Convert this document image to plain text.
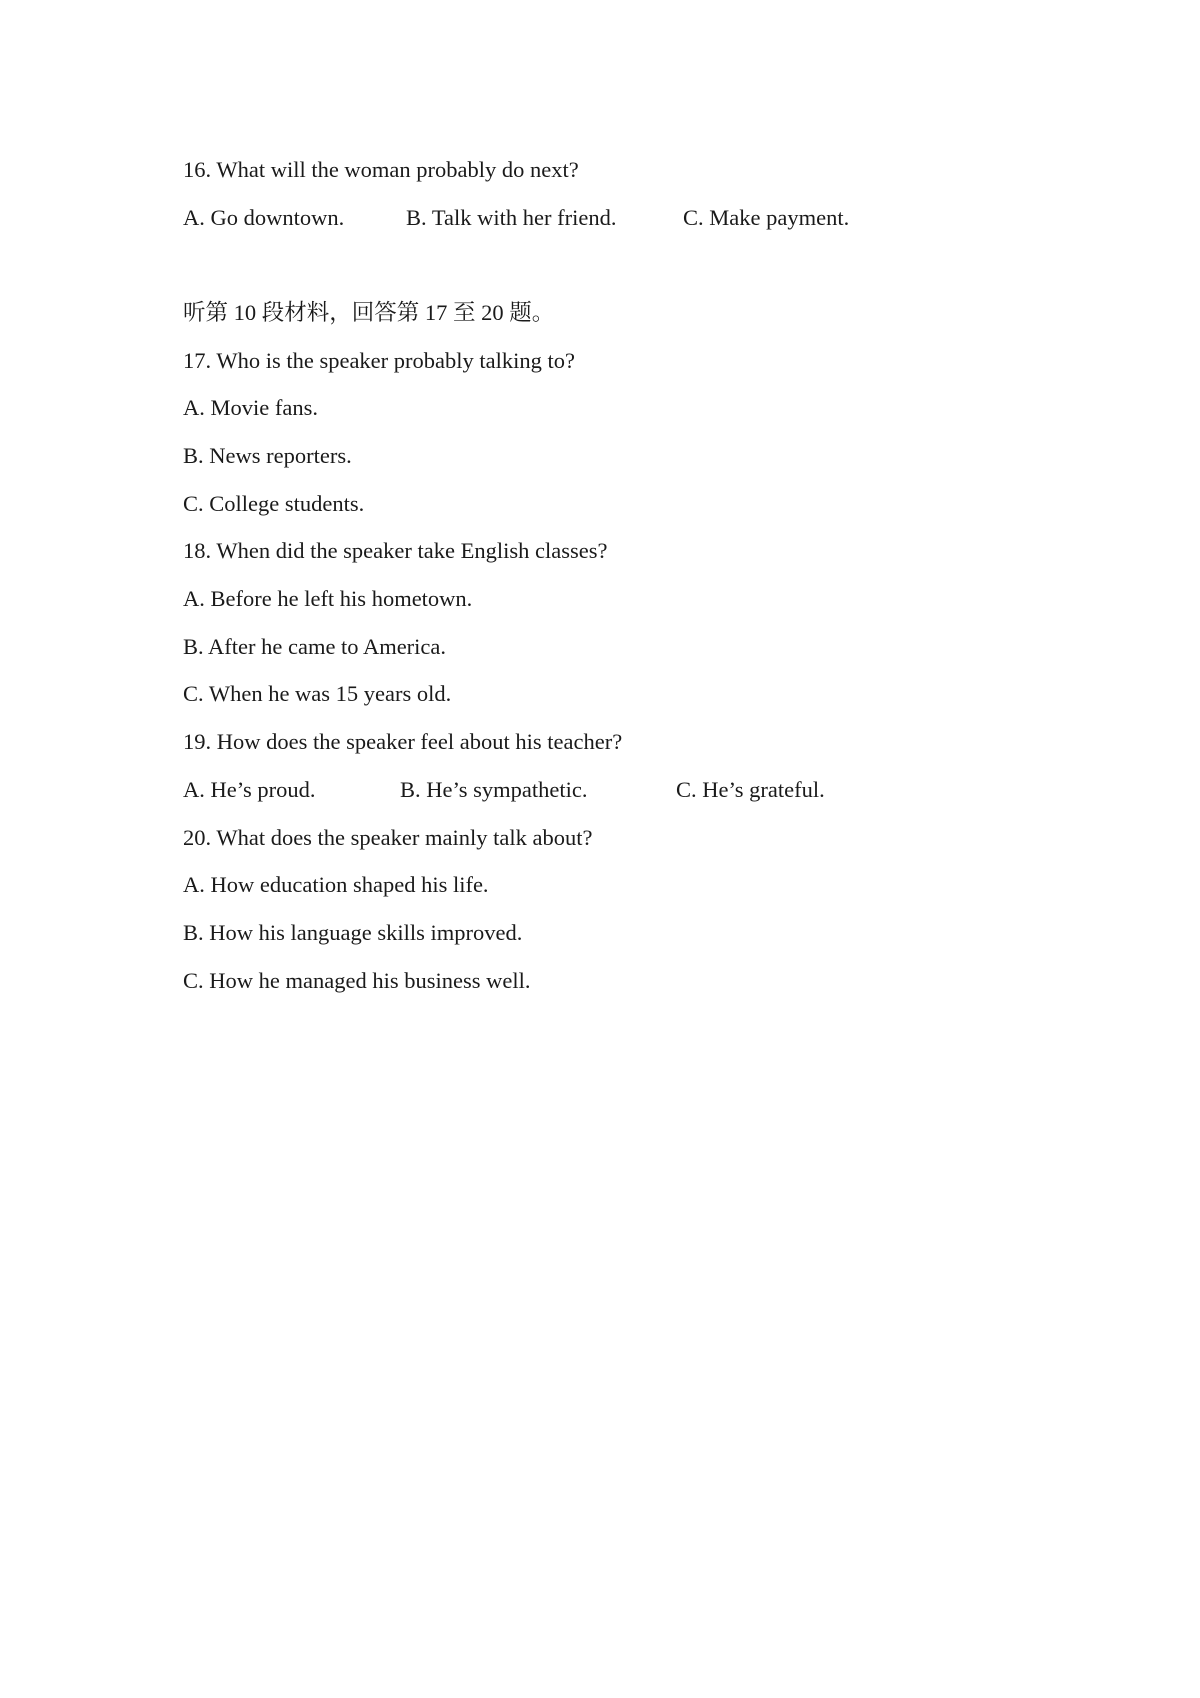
16. What will the woman probably do next?
A. Go downtown.	B. Talk with her friend.	C. Make payment.
听第 10 段材料，回答第 17 至 20 题。
17. Who is the speaker probably talking to?
A. Movie fans.
B. News reporters.
C. College students.
18. When did the speaker take English classes?
A. Before he left his hometown.
B. After he came to America.
C. When he was 15 years old.
19. How does the speaker feel about his teacher?
A. He’s proud.	B. He’s sympathetic.	C. He’s grateful.
20. What does the speaker mainly talk about?
A. How education shaped his life.
B. How his language skills improved.
C. How he managed his business well.
